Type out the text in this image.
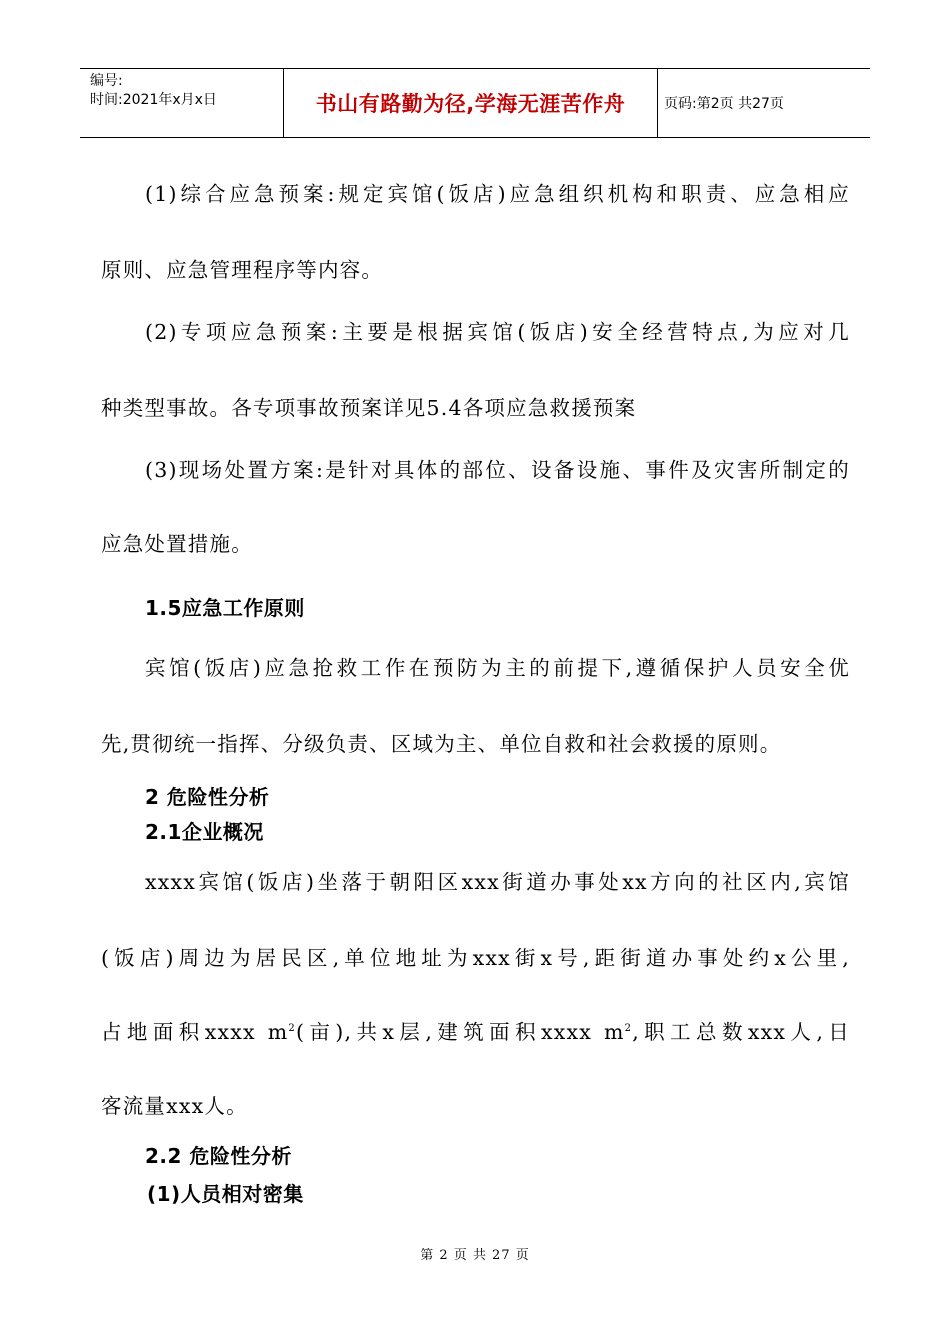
编号:
时间:2021年x月x日	书山有路勤为径,学海无涯苦作舟	页码:第2页 共27页
(1)综合应急预案:规定宾馆(饭店)应急组织机构和职责、应急相应
原则、应急管理程序等内容。
(2)专项应急预案:主要是根据宾馆(饭店)安全经营特点,为应对几
种类型事故。各专项事故预案详见5.4各项应急救援预案
(3)现场处置方案:是针对具体的部位、设备设施、事件及灾害所制定的
应急处置措施。
1.5应急工作原则
宾馆(饭店)应急抢救工作在预防为主的前提下,遵循保护人员安全优
先,贯彻统一指挥、分级负责、区域为主、单位自救和社会救援的原则。
2 危险性分析
2.1企业概况
xxxx宾馆(饭店)坐落于朝阳区xxx街道办事处xx方向的社区内,宾馆
(饭店)周边为居民区,单位地址为xxx街x号,距街道办事处约x公里,
占地面积xxxx $m^2$(亩),共x层,建筑面积xxxx $m^2$,职工总数xxx人,日
客流量xxx人。
2.2 危险性分析
(1)人员相对密集
第 2 页 共 27 页
